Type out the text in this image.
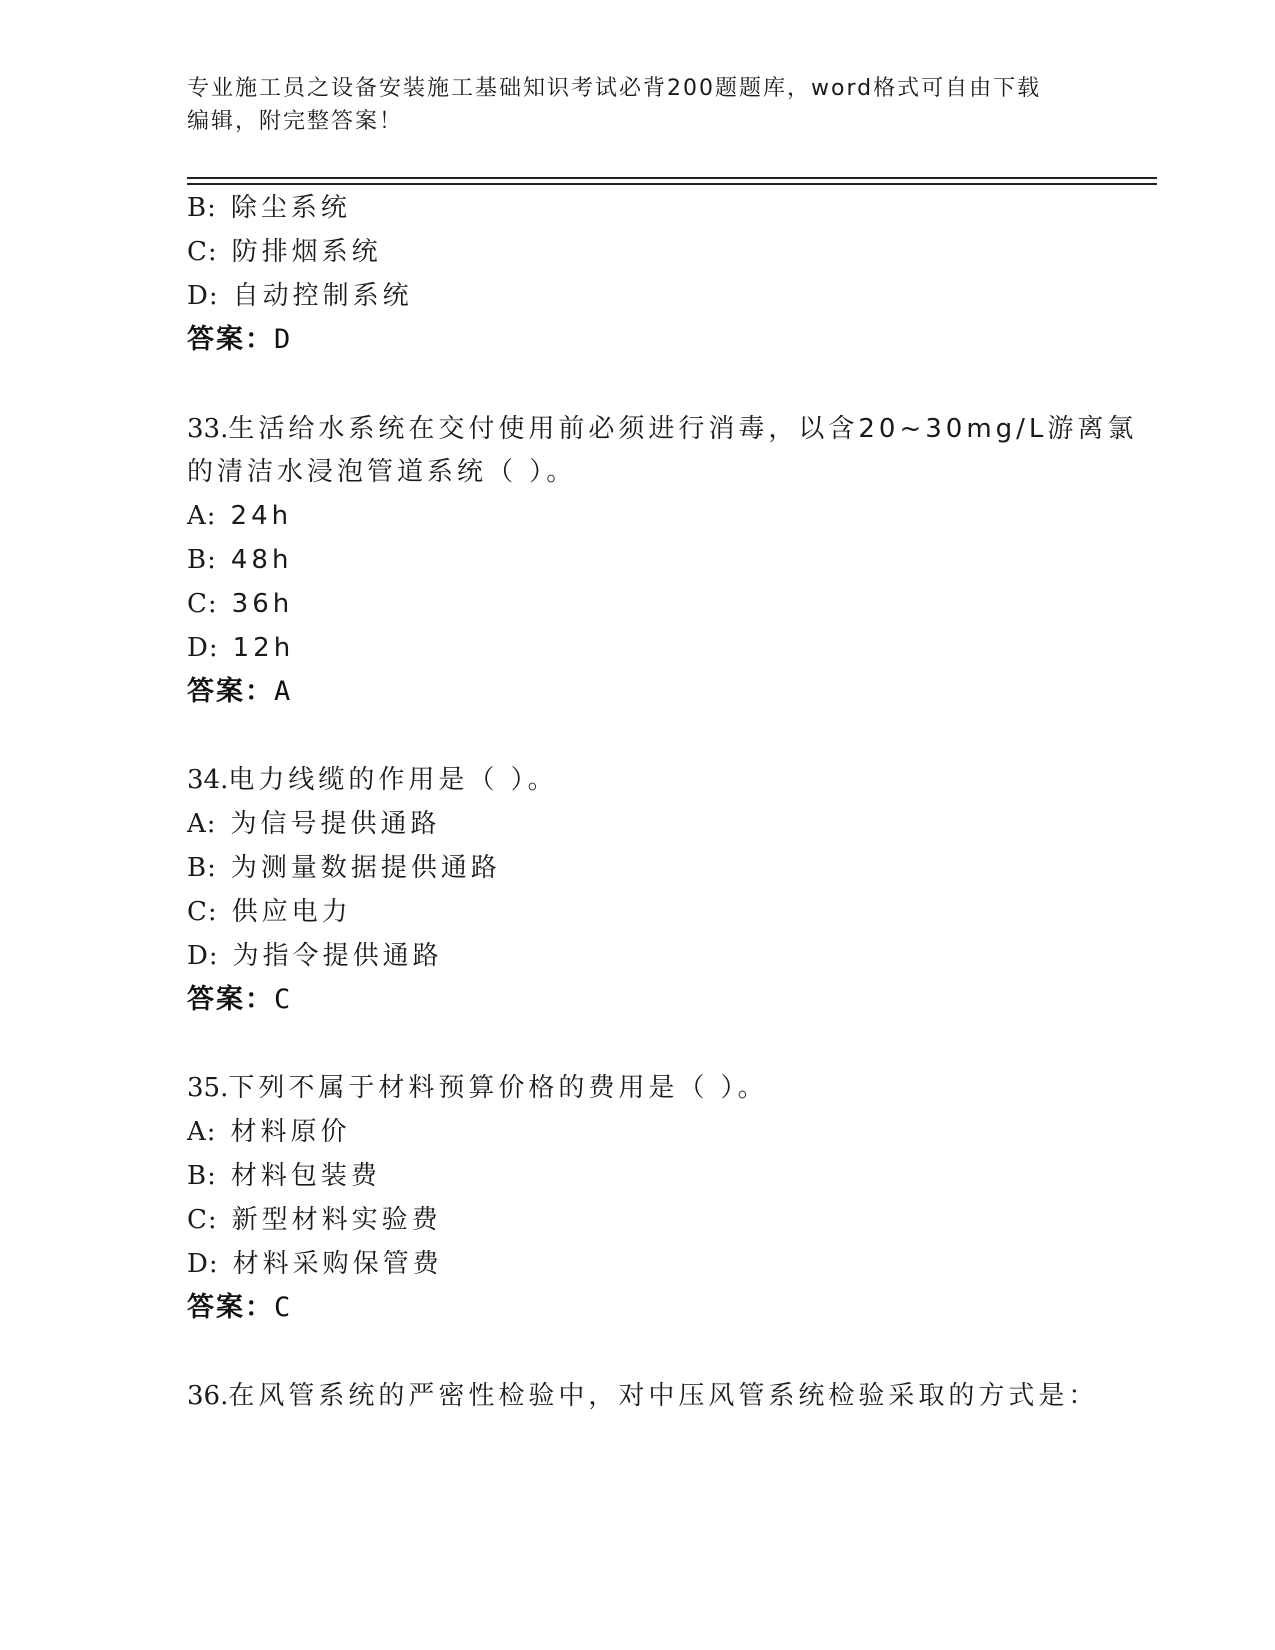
专业施工员之设备安装施工基础知识考试必背200题题库，word格式可自由下载
编辑，附完整答案！
B: 除尘系统
C: 防排烟系统
D: 自动控制系统
答案：D
33.生活给水系统在交付使用前必须进行消毒，以含20~30mg/L游离氯
的清洁水浸泡管道系统（ ）。
A: 24h
B: 48h
C: 36h
D: 12h
答案：A
34.电力线缆的作用是（ ）。
A: 为信号提供通路
B: 为测量数据提供通路
C: 供应电力
D: 为指令提供通路
答案：C
35.下列不属于材料预算价格的费用是（ ）。
A: 材料原价
B: 材料包装费
C: 新型材料实验费
D: 材料采购保管费
答案：C
36.在风管系统的严密性检验中，对中压风管系统检验采取的方式是：
